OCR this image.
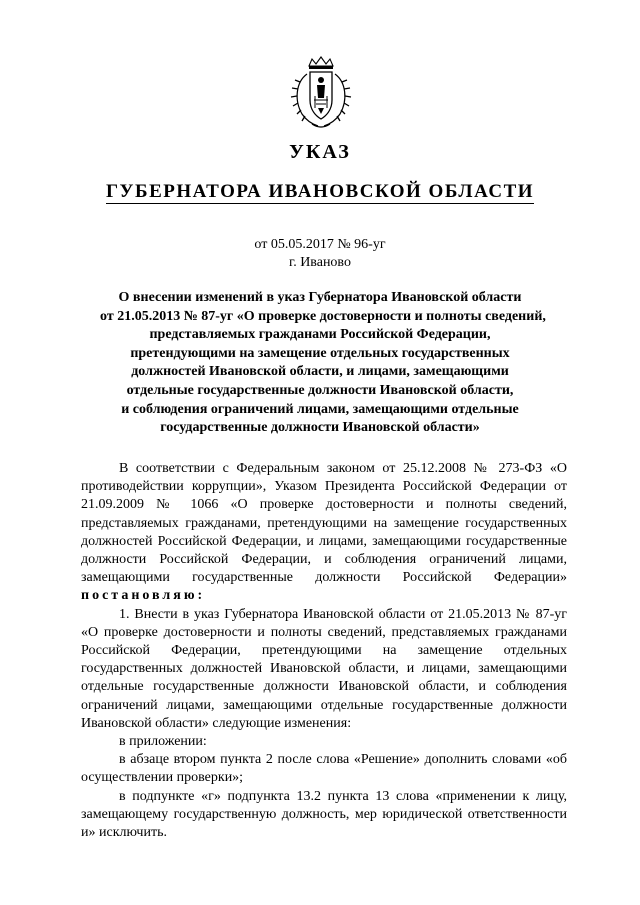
УКАЗ
ГУБЕРНАТОРА ИВАНОВСКОЙ ОБЛАСТИ
от 05.05.2017 № 96-уг
г. Иваново
О внесении изменений в указ Губернатора Ивановской области
от 21.05.2013 № 87-уг «О проверке достоверности и полноты сведений,
представляемых гражданами Российской Федерации,
претендующими на замещение отдельных государственных
должностей Ивановской области, и лицами, замещающими
отдельные государственные должности Ивановской области,
и соблюдения ограничений лицами, замещающими отдельные
государственные должности Ивановской области»

В соответствии с Федеральным законом от 25.12.2008 № 273-ФЗ «О противодействии коррупции», Указом Президента Российской Федерации от 21.09.2009 № 1066 «О проверке достоверности и полноты сведений, представляемых гражданами, претендующими на замещение государственных должностей Российской Федерации, и лицами, замещающими государственные должности Российской Федерации, и соблюдения ограничений лицами, замещающими государственные должности Российской Федерации» постановляю:

1. Внести в указ Губернатора Ивановской области от 21.05.2013 № 87-уг «О проверке достоверности и полноты сведений, представляемых гражданами Российской Федерации, претендующими на замещение отдельных государственных должностей Ивановской области, и лицами, замещающими отдельные государственные должности Ивановской области, и соблюдения ограничений лицами, замещающими отдельные государственные должности Ивановской области» следующие изменения:

в приложении:

в абзаце втором пункта 2 после слова «Решение» дополнить словами «об осуществлении проверки»;

в подпункте «г» подпункта 13.2 пункта 13 слова «применении к лицу, замещающему государственную должность, мер юридической ответственности и» исключить.
